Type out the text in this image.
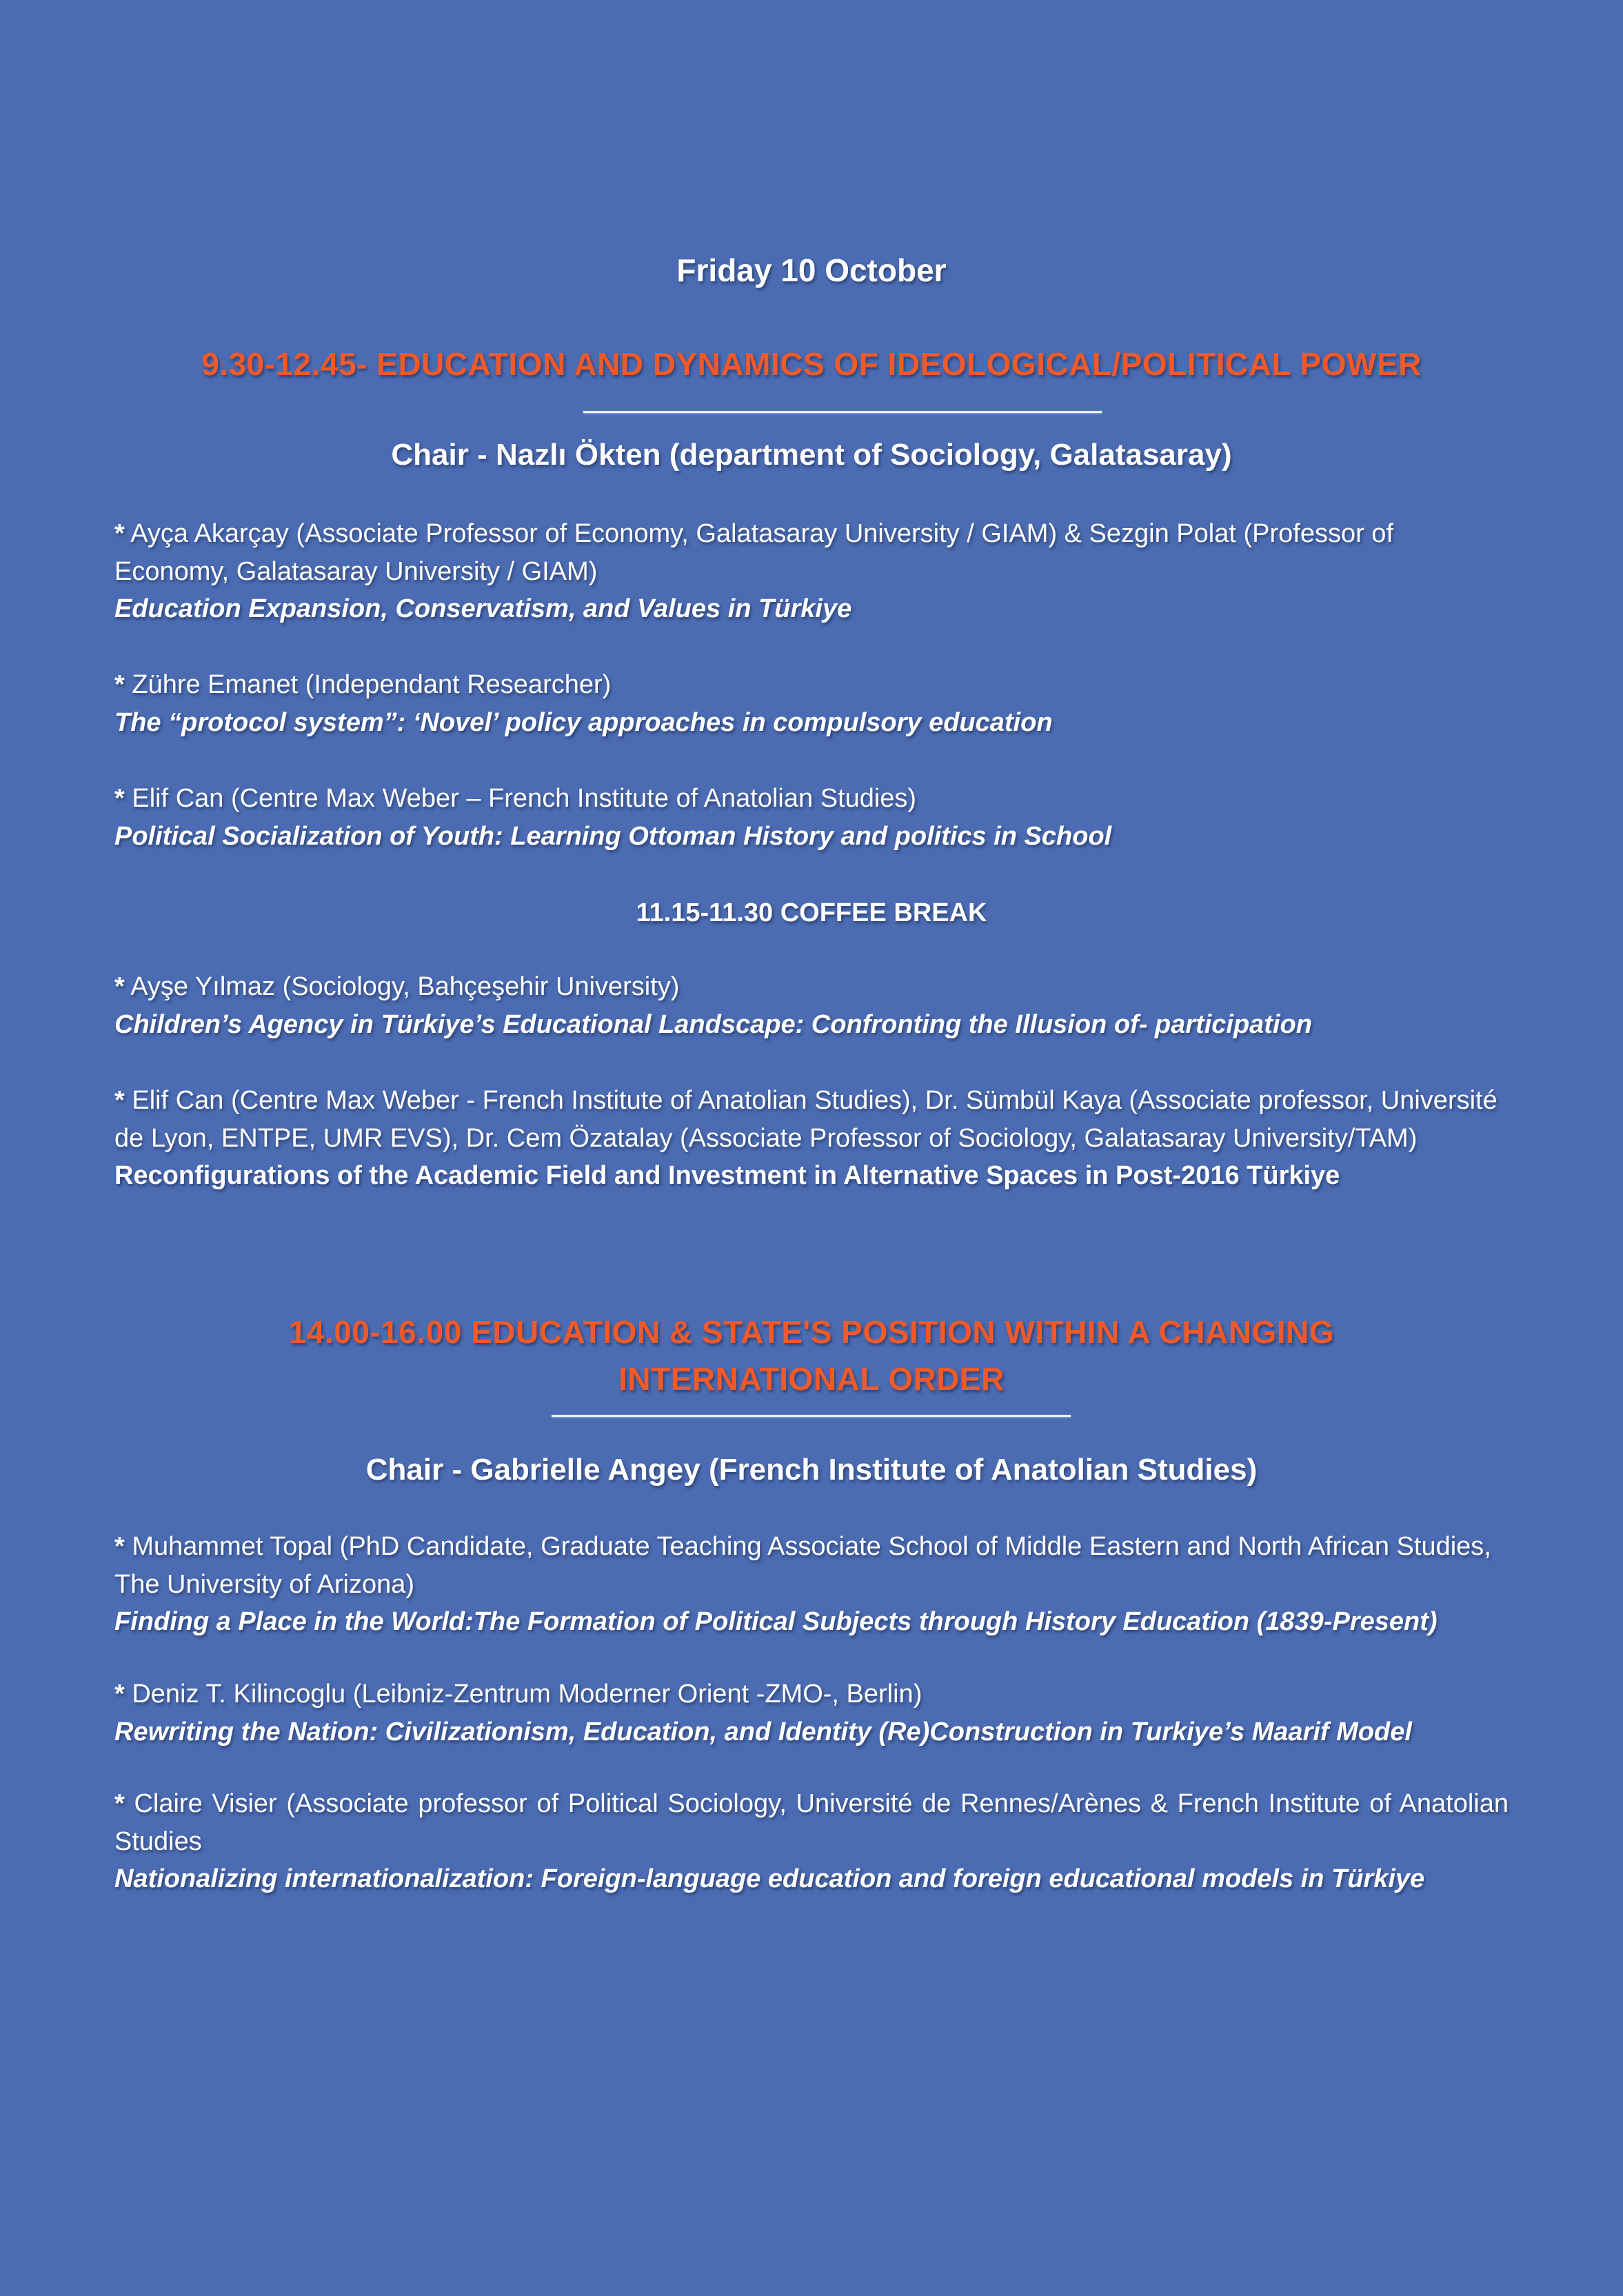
Friday 10 October
9.30-12.45- EDUCATION AND DYNAMICS OF IDEOLOGICAL/POLITICAL POWER
Chair - Nazlı Ökten (department of Sociology, Galatasaray)
* Ayça Akarçay (Associate Professor of Economy, Galatasaray University / GIAM) & Sezgin Polat (Professor of Economy, Galatasaray University / GIAM)
Education Expansion, Conservatism, and Values in Türkiye
* Zühre Emanet (Independant Researcher)
The “protocol system”: ‘Novel’ policy approaches in compulsory education
* Elif Can (Centre Max Weber – French Institute of Anatolian Studies)
Political Socialization of Youth: Learning Ottoman History and politics in School
11.15-11.30 COFFEE BREAK
* Ayşe Yılmaz (Sociology, Bahçeşehir University)
Children’s Agency in Türkiye’s Educational Landscape: Confronting the Illusion of- participation
* Elif Can (Centre Max Weber - French Institute of Anatolian Studies), Dr. Sümbül Kaya (Associate professor, Université de Lyon, ENTPE, UMR EVS), Dr. Cem Özatalay (Associate Professor of Sociology, Galatasaray University/TAM)
Reconfigurations of the Academic Field and Investment in Alternative Spaces in Post-2016 Türkiye
14.00-16.00 EDUCATION & STATE'S POSITION WITHIN A CHANGING
INTERNATIONAL ORDER
Chair - Gabrielle Angey (French Institute of Anatolian Studies)
* Muhammet Topal (PhD Candidate, Graduate Teaching Associate School of Middle Eastern and North African Studies, The University of Arizona)
Finding a Place in the World:The Formation of Political Subjects through History Education (1839-Present)
* Deniz T. Kilincoglu (Leibniz-Zentrum Moderner Orient -ZMO-, Berlin)
Rewriting the Nation: Civilizationism, Education, and Identity (Re)Construction in Turkiye’s Maarif Model
* Claire Visier (Associate professor of Political Sociology, Université de Rennes/Arènes & French Institute of Anatolian Studies
Nationalizing internationalization: Foreign-language education and foreign educational models in Türkiye
